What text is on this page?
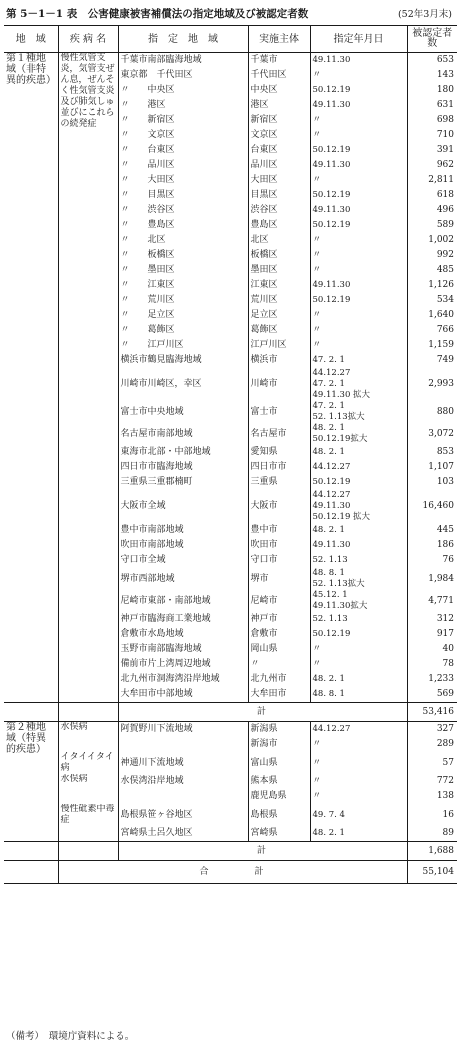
第 5－1－1 表　公害健康被害補償法の指定地域及び被認定者数	(52年3月末)
地　域	疾 病 名	指　定　地　域	実施主体	指定年月日	被認定者数
第１種地域（非特異的疾患）	慢性気管支炎，気管支ぜん息，ぜんそく性気管支炎及び肺気しゅ並びにこれらの続発症	千葉市南部臨海地域	千葉市	49.11.30	653
		東京都　千代田区	千代田区	〃	143
		〃　　中央区	中央区	50.12.19	180
		〃　　港区	港区	49.11.30	631
		〃　　新宿区	新宿区	〃	698
		〃　　文京区	文京区	〃	710
		〃　　台東区	台東区	50.12.19	391
		〃　　品川区	品川区	49.11.30	962
		〃　　大田区	大田区	〃	2,811
		〃　　目黒区	目黒区	50.12.19	618
		〃　　渋谷区	渋谷区	49.11.30	496
		〃　　豊島区	豊島区	50.12.19	589
		〃　　北区	北区	〃	1,002
		〃　　板橋区	板橋区	〃	992
		〃　　墨田区	墨田区	〃	485
		〃　　江東区	江東区	49.11.30	1,126
		〃　　荒川区	荒川区	50.12.19	534
		〃　　足立区	足立区	〃	1,640
		〃　　葛飾区	葛飾区	〃	766
		〃　　江戸川区	江戸川区	〃	1,159
		横浜市鶴見臨海地域	横浜市	47. 2. 1	749
		川崎市川崎区，幸区	川崎市	44.12.27
47. 2. 1
49.11.30 拡大	2,993
		富士市中央地域	富士市	47. 2. 1
52. 1.13拡大	880
		名古屋市南部地域	名古屋市	48. 2. 1
50.12.19拡大	3,072
		東海市北部・中部地域	愛知県	48. 2. 1	853
		四日市市臨海地域	四日市市	44.12.27	1,107
		三重県三重郡楠町	三重県	50.12.19	103
		大阪市全域	大阪市	44.12.27
49.11.30
50.12.19 拡大	16,460
		豊中市南部地域	豊中市	48. 2. 1	445
		吹田市南部地域	吹田市	49.11.30	186
		守口市全域	守口市	52. 1.13	76
		堺市西部地域	堺市	48. 8. 1
52. 1.13拡大	1,984
		尼崎市東部・南部地域	尼崎市	45.12. 1
49.11.30拡大	4,771
		神戸市臨海商工業地域	神戸市	52. 1.13	312
		倉敷市水島地域	倉敷市	50.12.19	917
		玉野市南部臨海地域	岡山県	〃	40
		備前市片上湾周辺地域	〃	〃	78
		北九州市洞海湾沿岸地域	北九州市	48. 2. 1	1,233
		大牟田市中部地域	大牟田市	48. 8. 1	569
		計			53,416
第２種地域（特異的疾患）	水俣病	阿賀野川下流地域	新潟県	44.12.27	327
			新潟市	〃	289
	イタイイタイ病	神通川下流地域	富山県	〃	57
	水俣病	水俣湾沿岸地域	熊本県	〃	772
			鹿児島県	〃	138
	慢性砒素中毒症	島根県笹ヶ谷地区	島根県	49. 7. 4	16
		宮崎県土呂久地区	宮崎県	48. 2. 1	89
		計			1,688
	合　　　　計				55,104
（備考）　環境庁資料による。
